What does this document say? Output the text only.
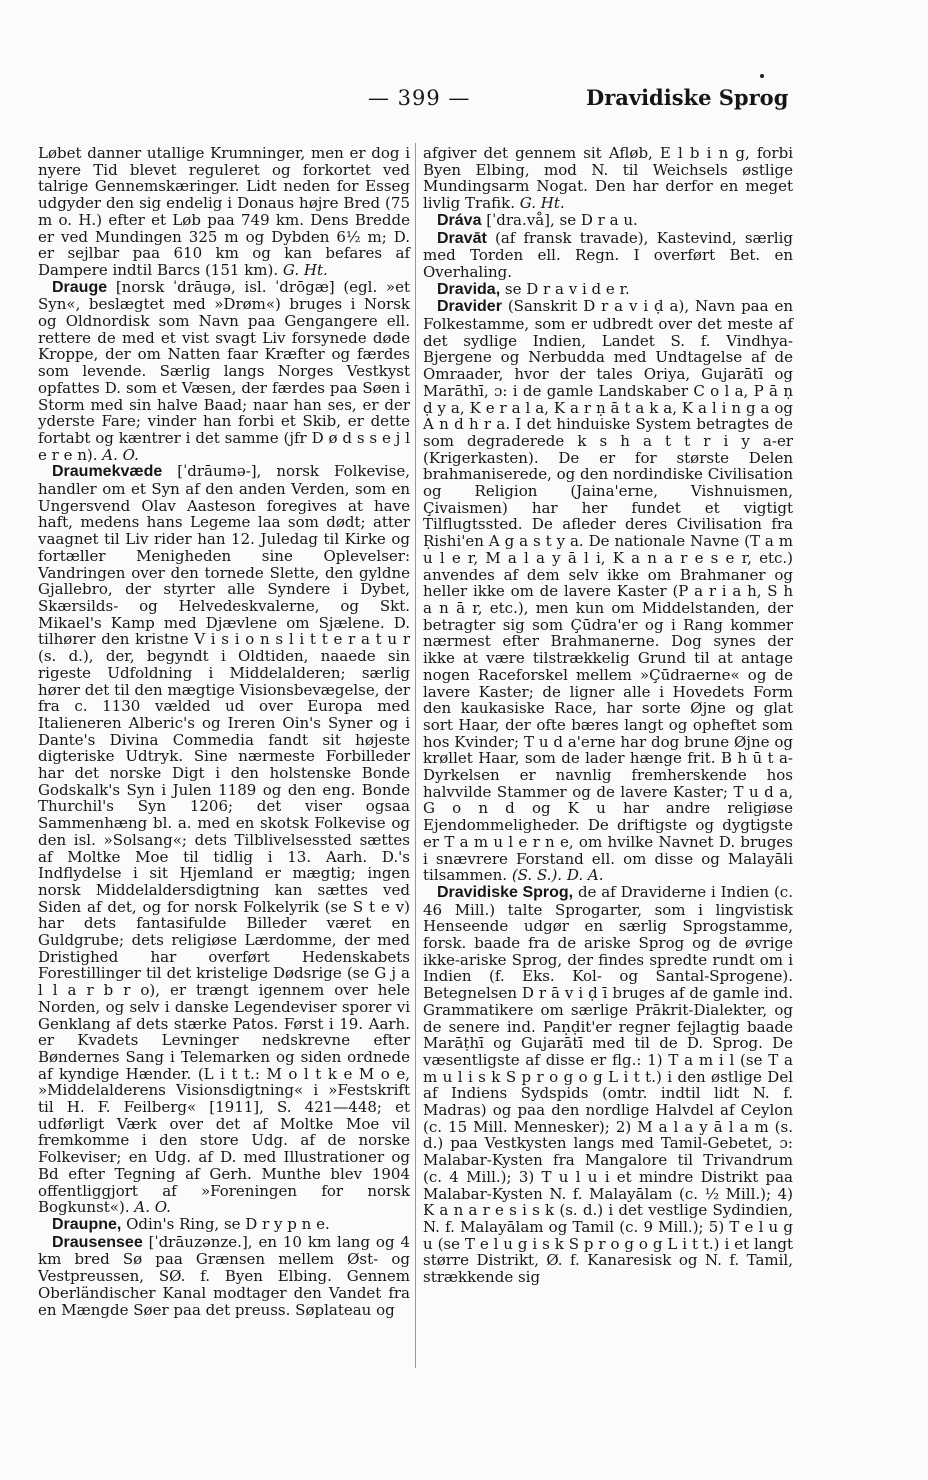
— 399 —	Dravidiske Sprog

Løbet danner utallige Krumninger, men er dog i nyere Tid blevet reguleret og forkortet ved talrige Gennemskæringer. Lidt neden for Esseg udgyder den sig endelig i Donaus højre Bred (75 m o. H.) efter et Løb paa 749 km. Dens Bredde er ved Mundingen 325 m og Dybden 6½ m; D. er sejlbar paa 610 km og kan befares af Dampere indtil Barcs (151 km). G. Ht.

Drauge [norsk ˈdrāugə, isl. ˈdrōgæ] (egl. »et Syn«, beslægtet med »Drøm«) bruges i Norsk og Oldnordisk som Navn paa Gengangere ell. rettere de med et vist svagt Liv forsynede døde Kroppe, der om Natten faar Kræfter og færdes som levende. Særlig langs Norges Vestkyst opfattes D. som et Væsen, der færdes paa Søen i Storm med sin halve Baad; naar han ses, er der yderste Fare; vinder han forbi et Skib, er dette fortabt og kæntrer i det samme (jfr D ø d s s e j l e r e n). A. O.

Draumekvæde [ˈdrāumə-], norsk Folkevise, handler om et Syn af den anden Verden, som en Ungersvend Olav Aasteson foregives at have haft, medens hans Legeme laa som dødt; atter vaagnet til Liv rider han 12. Juledag til Kirke og fortæller Menigheden sine Oplevelser: Vandringen over den tornede Slette, den gyldne Gjallebro, der styrter alle Syndere i Dybet, Skærsilds- og Helvedeskvalerne, og Skt. Mikael's Kamp med Djævlene om Sjælene. D. tilhører den kristne V i s i o n s l i t t e r a t u r (s. d.), der, begyndt i Oldtiden, naaede sin rigeste Udfoldning i Middelalderen; særlig hører det til den mægtige Visionsbevægelse, der fra c. 1130 vælded ud over Europa med Italieneren Alberic's og Ireren Oin's Syner og i Dante's Divina Commedia fandt sit højeste digteriske Udtryk. Sine nærmeste Forbilleder har det norske Digt i den holstenske Bonde Godskalk's Syn i Julen 1189 og den eng. Bonde Thurchil's Syn 1206; det viser ogsaa Sammenhæng bl. a. med en skotsk Folkevise og den isl. »Solsang«; dets Tilblivelsessted sættes af Moltke Moe til tidlig i 13. Aarh. D.'s Indflydelse i sit Hjemland er mægtig; ingen norsk Middelaldersdigtning kan sættes ved Siden af det, og for norsk Folkelyrik (se S t e v) har dets fantasifulde Billeder været en Guldgrube; dets religiøse Lærdomme, der med Dristighed har overført Hedenskabets Forestillinger til det kristelige Dødsrige (se G j a l l a r b r o), er trængt igennem over hele Norden, og selv i danske Legendeviser sporer vi Genklang af dets stærke Patos. Først i 19. Aarh. er Kvadets Levninger nedskrevne efter Bøndernes Sang i Telemarken og siden ordnede af kyndige Hænder. (L i t t.: M o l t k e M o e, »Middelalderens Visionsdigtning« i »Festskrift til H. F. Feilberg« [1911], S. 421—448; et udførligt Værk over det af Moltke Moe vil fremkomme i den store Udg. af de norske Folkeviser; en Udg. af D. med Illustrationer og Bd efter Tegning af Gerh. Munthe blev 1904 offentliggjort af »Foreningen for norsk Bogkunst«). A. O.

Draupne, Odin's Ring, se D r y p n e.

Drausensee [ˈdrāuzənze.], en 10 km lang og 4 km bred Sø paa Grænsen mellem Øst- og Vestpreussen, SØ. f. Byen Elbing. Gennem Oberländischer Kanal modtager den Vandet fra en Mængde Søer paa det preuss. Søplateau og

afgiver det gennem sit Afløb, E l b i n g, forbi Byen Elbing, mod N. til Weichsels østlige Mundingsarm Nogat. Den har derfor en meget livlig Trafik. G. Ht.

Dráva [ˈdra.vå], se D r a u.

Dravāt (af fransk travade), Kastevind, særlig med Torden ell. Regn. I overført Bet. en Overhaling.

Dravida, se D r a v i d e r.

Dravider (Sanskrit D r a v i ḍ a), Navn paa en Folkestamme, som er udbredt over det meste af det sydlige Indien, Landet S. f. Vindhya-Bjergene og Nerbudda med Undtagelse af de Omraader, hvor der tales Oriya, Gujarātī og Marāthī, ɔ: i de gamle Landskaber C o l a, P ā ṇ ḍ y a, K e r a l a, K a r ṇ ā t a k a, K a l i n g a og A n d h r a. I det hinduiske System betragtes de som degraderede k s h a t t r i y a-er (Krigerkasten). De er for største Delen brahmaniserede, og den nordindiske Civilisation og Religion (Jaina'erne, Vishnuismen, Çivaismen) har her fundet et vigtigt Tilflugtssted. De afleder deres Civilisation fra Ṛishi'en A g a s t y a. De nationale Navne (T a m u l e r, M a l a y ā l i, K a n a r e s e r, etc.) anvendes af dem selv ikke om Brahmaner og heller ikke om de lavere Kaster (P a r i a h, S h a n ā r, etc.), men kun om Middelstanden, der betragter sig som Çūdra'er og i Rang kommer nærmest efter Brahmanerne. Dog synes der ikke at være tilstrækkelig Grund til at antage nogen Raceforskel mellem »Çūdraerne« og de lavere Kaster; de ligner alle i Hovedets Form den kaukasiske Race, har sorte Øjne og glat sort Haar, der ofte bæres langt og opheftet som hos Kvinder; T u d a'erne har dog brune Øjne og krøllet Haar, som de lader hænge frit. B h ū t a-Dyrkelsen er navnlig fremherskende hos halvvilde Stammer og de lavere Kaster; T u d a, G o n d og K u har andre religiøse Ejendommeligheder. De driftigste og dygtigste er T a m u l e r n e, om hvilke Navnet D. bruges i snævrere Forstand ell. om disse og Malayāli tilsammen. (S. S.). D. A.

Dravidiske Sprog, de af Draviderne i Indien (c. 46 Mill.) talte Sprogarter, som i lingvistisk Henseende udgør en særlig Sprogstamme, forsk. baade fra de ariske Sprog og de øvrige ikke-ariske Sprog, der findes spredte rundt om i Indien (f. Eks. Kol- og Santal-Sprogene). Betegnelsen D r ā v i ḍ ī bruges af de gamle ind. Grammatikere om særlige Prākrit-Dialekter, og de senere ind. Paṇḍit'er regner fejlagtig baade Marāṭhī og Gujarātī med til de D. Sprog. De væsentligste af disse er flg.: 1) T a m i l (se T a m u l i s k S p r o g o g L i t t.) i den østlige Del af Indiens Sydspids (omtr. indtil lidt N. f. Madras) og paa den nordlige Halvdel af Ceylon (c. 15 Mill. Mennesker); 2) M a l a y ā l a m (s. d.) paa Vestkysten langs med Tamil-Gebetet, ɔ: Malabar-Kysten fra Mangalore til Trivandrum (c. 4 Mill.); 3) T u l u i et mindre Distrikt paa Malabar-Kysten N. f. Malayālam (c. ½ Mill.); 4) K a n a r e s i s k (s. d.) i det vestlige Sydindien, N. f. Malayālam og Tamil (c. 9 Mill.); 5) T e l u g u (se T e l u g i s k S p r o g o g L i t t.) i et langt større Distrikt, Ø. f. Kanaresisk og N. f. Tamil, strækkende sig
